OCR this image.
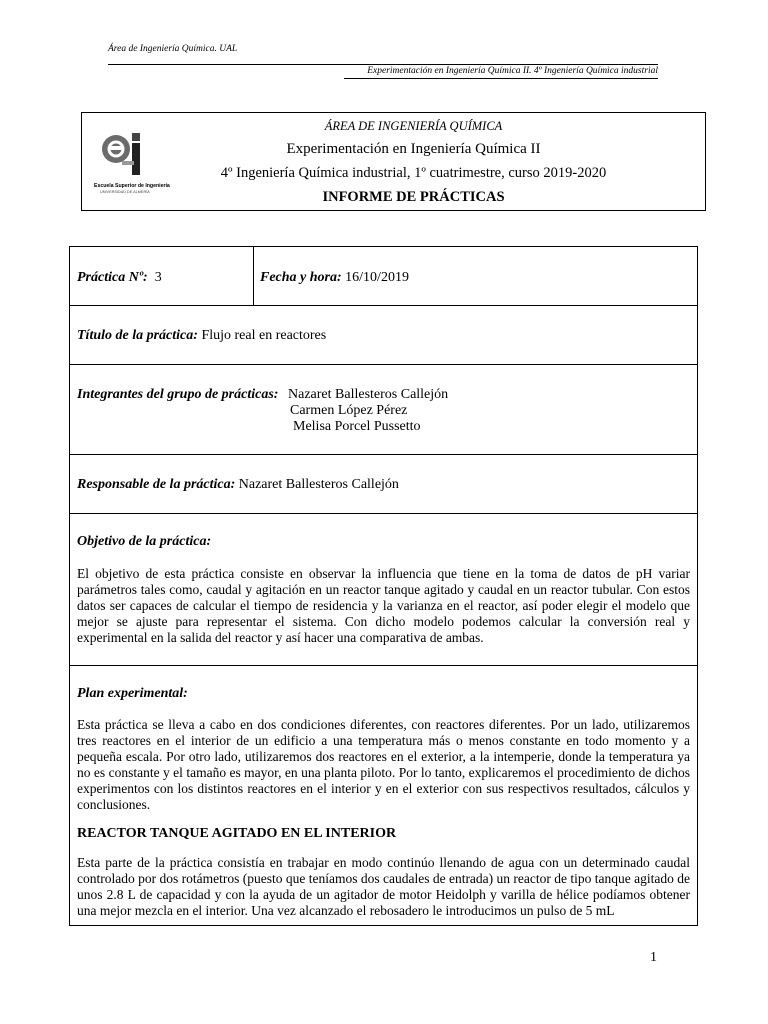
Área de Ingeniería Química. UAL
Experimentación en Ingeniería Química II. 4º Ingeniería Química industrial
Escuela Superior de Ingeniería
UNIVERSIDAD DE ALMERÍA
ÁREA DE INGENIERÍA QUÍMICA
Experimentación en Ingeniería Química II
4º Ingeniería Química industrial, 1º cuatrimestre, curso 2019-2020
INFORME DE PRÁCTICAS
Práctica Nº: 3	Fecha y hora: 16/10/2019
Título de la práctica: Flujo real en reactores
Integrantes del grupo de prácticas: Nazaret Ballesteros Callejón
Carmen López Pérez
Melisa Porcel Pussetto
Responsable de la práctica: Nazaret Ballesteros Callejón
Objetivo de la práctica:
El objetivo de esta práctica consiste en observar la influencia que tiene en la toma de datos de pH variar parámetros tales como, caudal y agitación en un reactor tanque agitado y caudal en un reactor tubular. Con estos datos ser capaces de calcular el tiempo de residencia y la varianza en el reactor, así poder elegir el modelo que mejor se ajuste para representar el sistema. Con dicho modelo podemos calcular la conversión real y experimental en la salida del reactor y así hacer una comparativa de ambas.
Plan experimental:
Esta práctica se lleva a cabo en dos condiciones diferentes, con reactores diferentes. Por un lado, utilizaremos tres reactores en el interior de un edificio a una temperatura más o menos constante en todo momento y a pequeña escala. Por otro lado, utilizaremos dos reactores en el exterior, a la intemperie, donde la temperatura ya no es constante y el tamaño es mayor, en una planta piloto. Por lo tanto, explicaremos el procedimiento de dichos experimentos con los distintos reactores en el interior y en el exterior con sus respectivos resultados, cálculos y conclusiones.
REACTOR TANQUE AGITADO EN EL INTERIOR
Esta parte de la práctica consistía en trabajar en modo continúo llenando de agua con un determinado caudal controlado por dos rotámetros (puesto que teníamos dos caudales de entrada) un reactor de tipo tanque agitado de unos 2.8 L de capacidad y con la ayuda de un agitador de motor Heidolph y varilla de hélice podíamos obtener una mejor mezcla en el interior. Una vez alcanzado el rebosadero le introducimos un pulso de 5 mL
1
